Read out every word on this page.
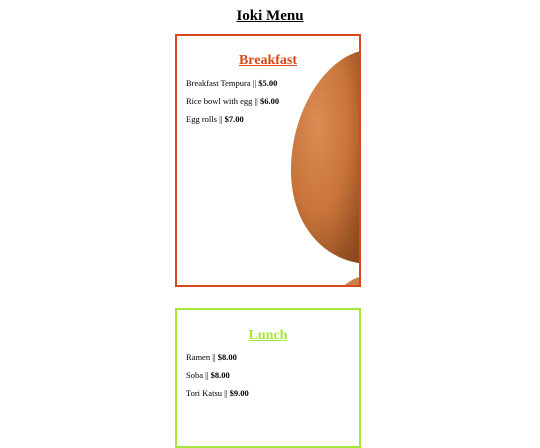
Ioki Menu
Breakfast
Breakfast Tempura || $5.00
Rice bowl with egg || $6.00
Egg rolls || $7.00
Lunch
Ramen || $8.00
Soba || $8.00
Tori Katsu || $9.00
